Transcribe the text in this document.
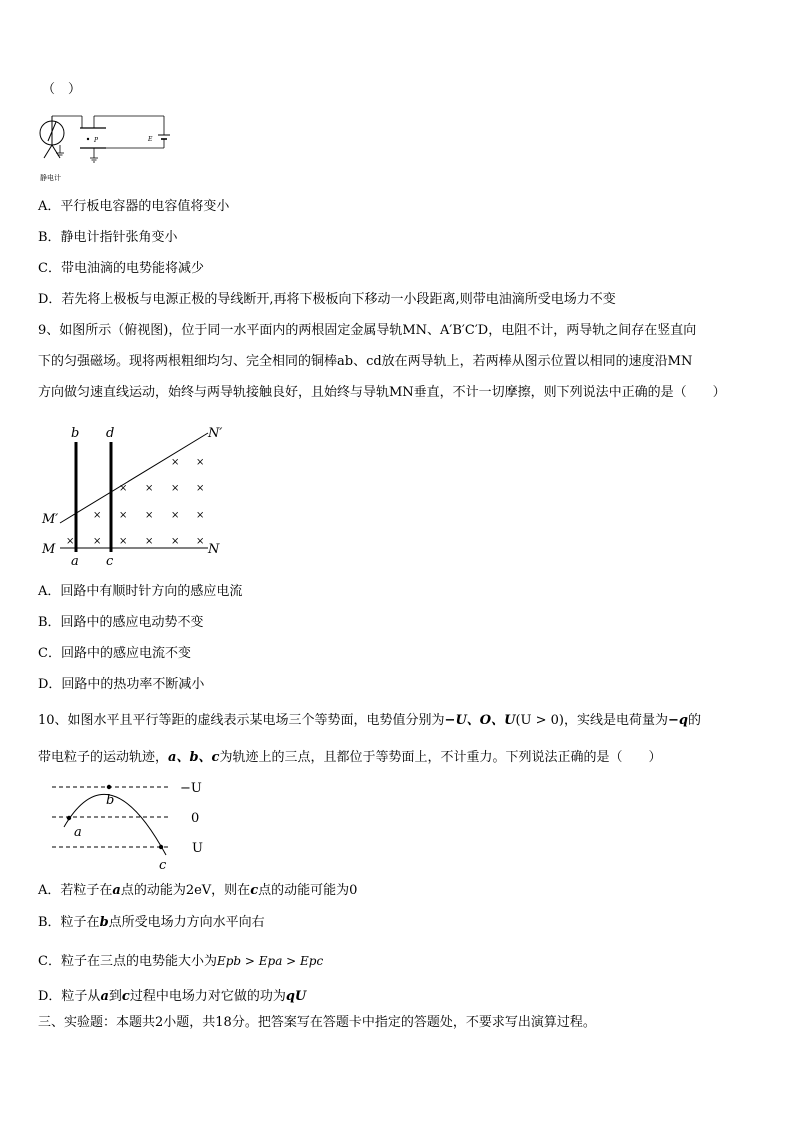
（　）
P	E
静电计
A．平行板电容器的电容值将变小
B．静电计指针张角变小
C．带电油滴的电势能将减少
D．若先将上极板与电源正极的导线断开,再将下极板向下移动一小段距离,则带电油滴所受电场力不变
9、如图所示（俯视图)，位于同一水平面内的两根固定金属导轨MN、A′B′C′D，电阻不计，两导轨之间存在竖直向
下的匀强磁场。现将两根粗细均匀、完全相同的铜棒ab、cd放在两导轨上，若两棒从图示位置以相同的速度沿MN
方向做匀速直线运动，始终与两导轨接触良好，且始终与导轨MN垂直，不计一切摩擦，则下列说法中正确的是（　　）
b d	N′
M′
M	N
a c
× ×
× × × ×
× × × × ×
× × × × × ×
A．回路中有顺时针方向的感应电流
B．回路中的感应电动势不变
C．回路中的感应电流不变
D．回路中的热功率不断减小
10、如图水平且平行等距的虚线表示某电场三个等势面，电势值分别为−U、O、U(U > 0)，实线是电荷量为−q的
带电粒子的运动轨迹，a、b、c为轨迹上的三点，且都位于等势面上，不计重力。下列说法正确的是（　　）
−U
0
U
a
b
c
A．若粒子在a点的动能为2eV，则在c点的动能可能为0
B．粒子在b点所受电场力方向水平向右
C．粒子在三点的电势能大小为Epb > Epa > Epc
D．粒子从a到c过程中电场力对它做的功为qU
三、实验题：本题共2小题，共18分。把答案写在答题卡中指定的答题处，不要求写出演算过程。
